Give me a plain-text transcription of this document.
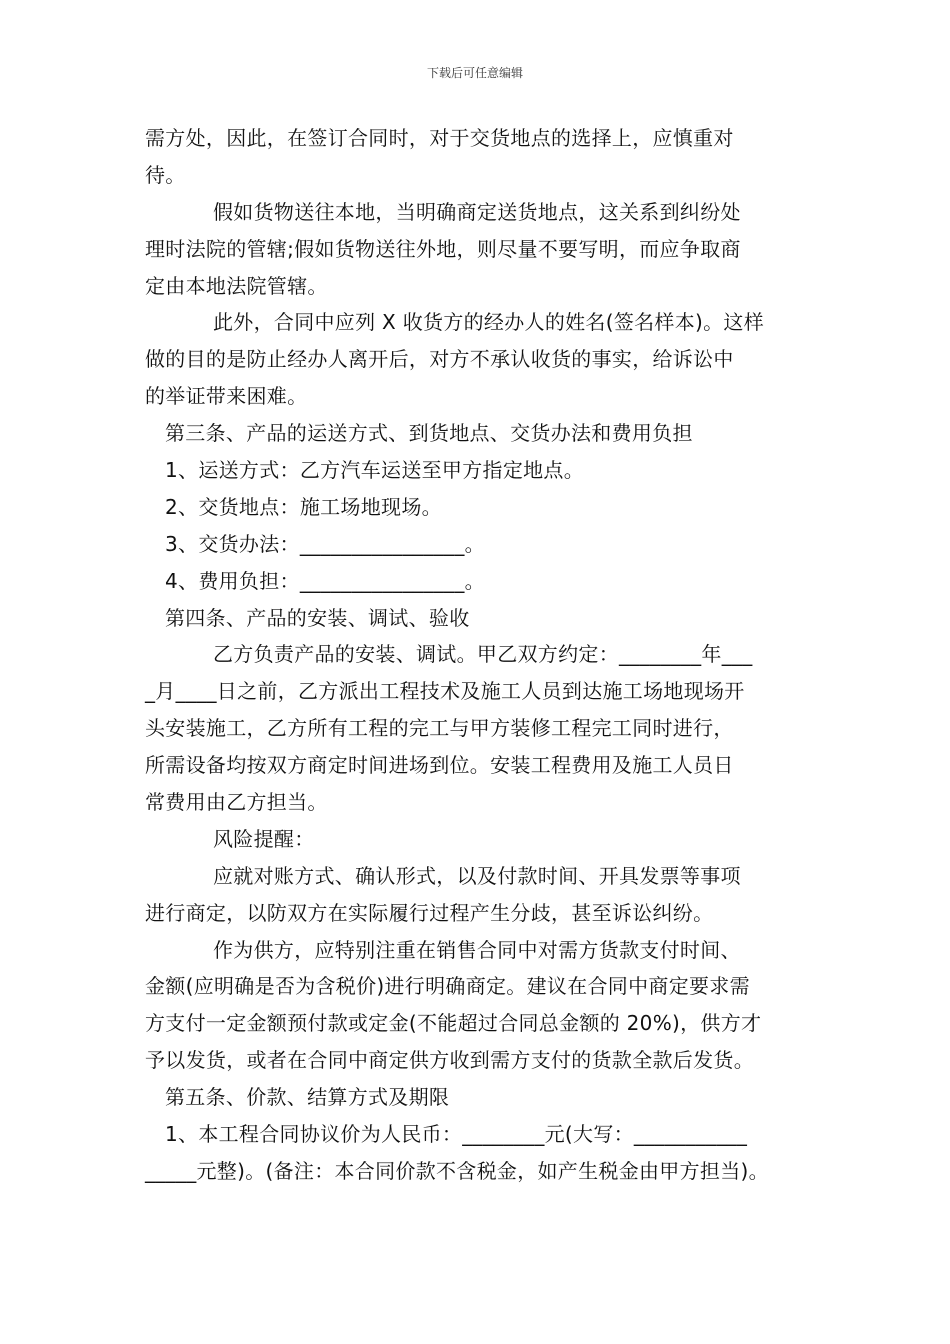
下载后可任意编辑
需方处，因此，在签订合同时，对于交货地点的选择上，应慎重对
待。
假如货物送往本地，当明确商定送货地点，这关系到纠纷处
理时法院的管辖;假如货物送往外地，则尽量不要写明，而应争取商
定由本地法院管辖。
此外，合同中应列 X 收货方的经办人的姓名(签名样本)。这样
做的目的是防止经办人离开后，对方不承认收货的事实，给诉讼中
的举证带来困难。
第三条、产品的运送方式、到货地点、交货办法和费用负担
1、运送方式：乙方汽车运送至甲方指定地点。
2、交货地点：施工场地现场。
3、交货办法：________________。
4、费用负担：________________。
第四条、产品的安装、调试、验收
乙方负责产品的安装、调试。甲乙双方约定：________年___
_月____日之前，乙方派出工程技术及施工人员到达施工场地现场开
头安装施工，乙方所有工程的完工与甲方装修工程完工同时进行，
所需设备均按双方商定时间进场到位。安装工程费用及施工人员日
常费用由乙方担当。
风险提醒：
应就对账方式、确认形式，以及付款时间、开具发票等事项
进行商定，以防双方在实际履行过程产生分歧，甚至诉讼纠纷。
作为供方，应特别注重在销售合同中对需方货款支付时间、
金额(应明确是否为含税价)进行明确商定。建议在合同中商定要求需
方支付一定金额预付款或定金(不能超过合同总金额的 20%)，供方才
予以发货，或者在合同中商定供方收到需方支付的货款全款后发货。
第五条、价款、结算方式及期限
1、本工程合同协议价为人民币：________元(大写：___________
_____元整)。(备注：本合同价款不含税金，如产生税金由甲方担当)。
